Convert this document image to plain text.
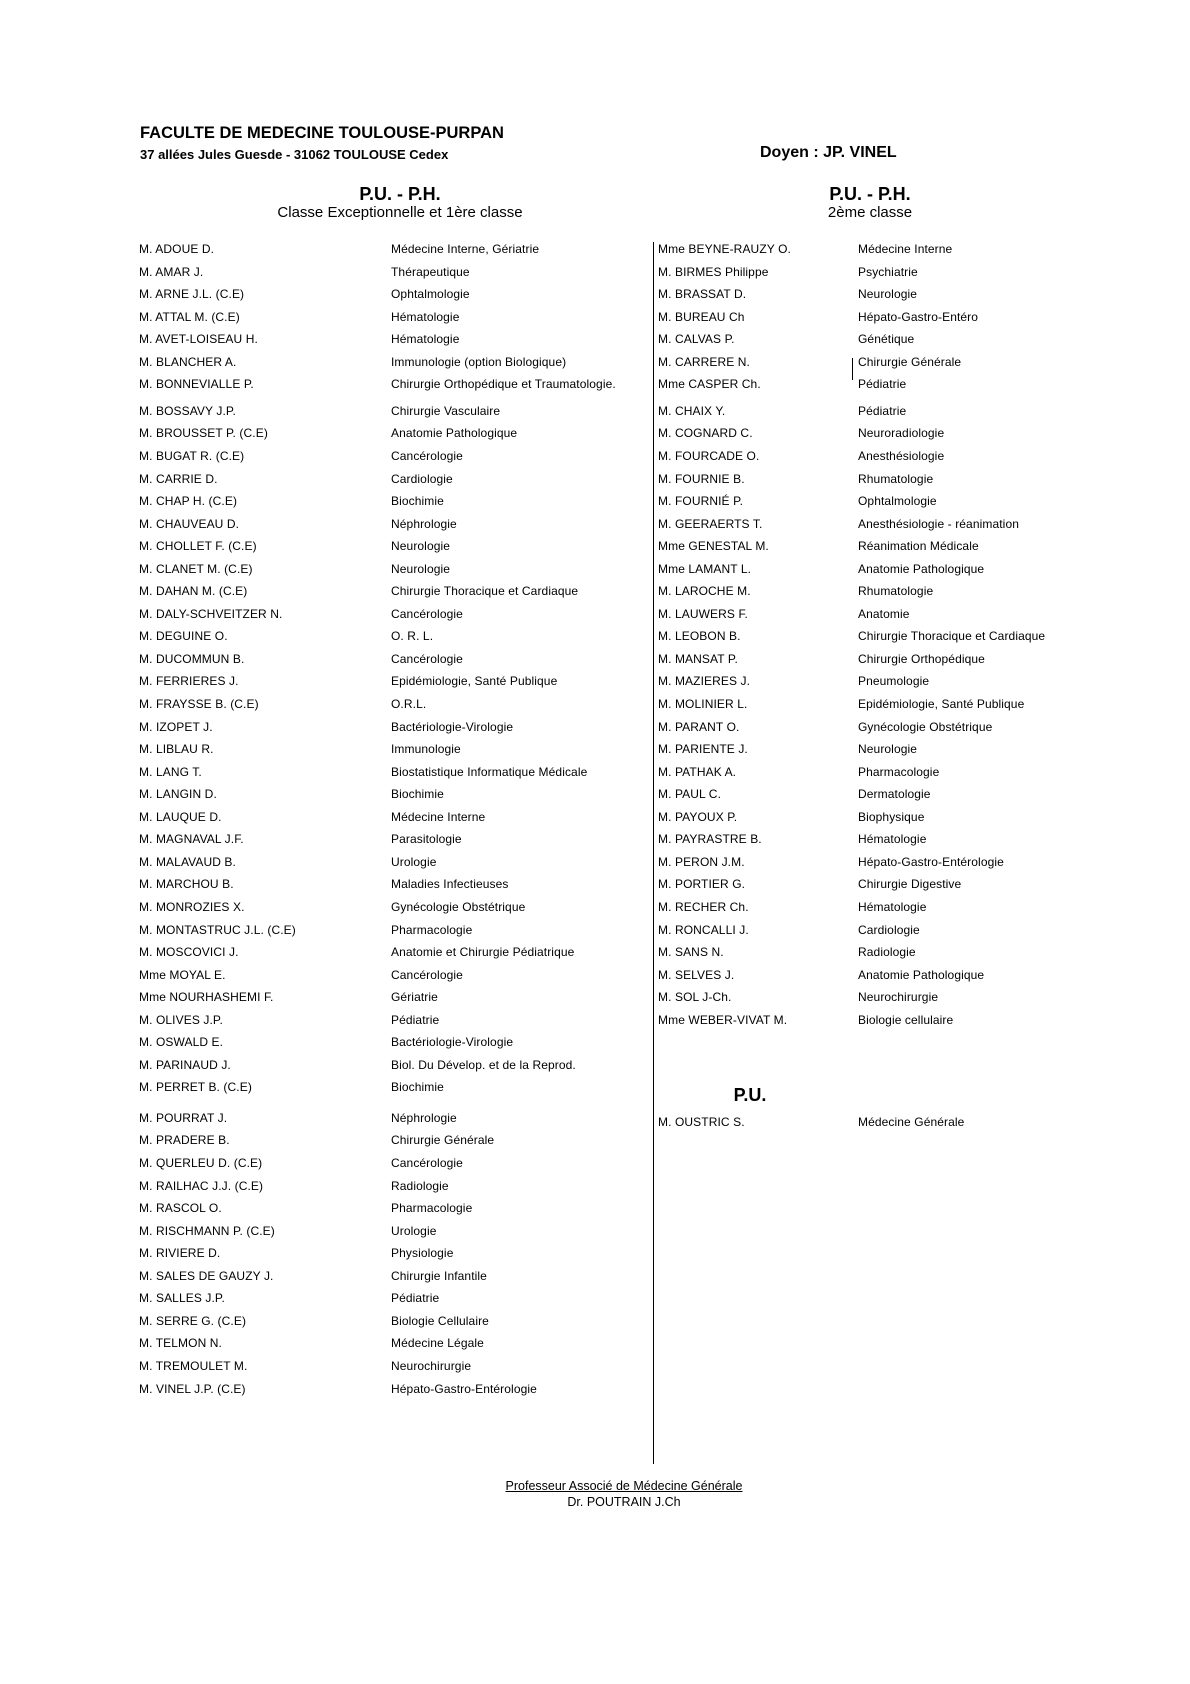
FACULTE DE MEDECINE TOULOUSE-PURPAN
37 allées Jules Guesde - 31062 TOULOUSE Cedex	Doyen : JP. VINEL
P.U. - P.H.
Classe Exceptionnelle et 1ère classe
P.U. - P.H.
2ème classe
P.U.
M. ADOUE D.	Médecine Interne, Gériatrie
M. AMAR J.	Thérapeutique
M. ARNE J.L. (C.E)	Ophtalmologie
M. ATTAL M. (C.E)	Hématologie
M. AVET-LOISEAU H.	Hématologie
M. BLANCHER A.	Immunologie (option Biologique)
M. BONNEVIALLE P.	Chirurgie Orthopédique et Traumatologie.
M. BOSSAVY J.P.	Chirurgie Vasculaire
M. BROUSSET P. (C.E)	Anatomie Pathologique
M. BUGAT R. (C.E)	Cancérologie
M. CARRIE D.	Cardiologie
M. CHAP H. (C.E)	Biochimie
M. CHAUVEAU D.	Néphrologie
M. CHOLLET F. (C.E)	Neurologie
M. CLANET M. (C.E)	Neurologie
M. DAHAN M. (C.E)	Chirurgie Thoracique et Cardiaque
M. DALY-SCHVEITZER N.	Cancérologie
M. DEGUINE O.	O. R. L.
M. DUCOMMUN B.	Cancérologie
M. FERRIERES J.	Epidémiologie, Santé Publique
M. FRAYSSE B. (C.E)	O.R.L.
M. IZOPET J.	Bactériologie-Virologie
M. LIBLAU R.	Immunologie
M. LANG T.	Biostatistique Informatique Médicale
M. LANGIN D.	Biochimie
M. LAUQUE D.	Médecine Interne
M. MAGNAVAL J.F.	Parasitologie
M. MALAVAUD B.	Urologie
M. MARCHOU B.	Maladies Infectieuses
M. MONROZIES X.	Gynécologie Obstétrique
M. MONTASTRUC J.L. (C.E)	Pharmacologie
M. MOSCOVICI J.	Anatomie et Chirurgie Pédiatrique
Mme MOYAL E.	Cancérologie
Mme NOURHASHEMI F.	Gériatrie
M. OLIVES J.P.	Pédiatrie
M. OSWALD E.	Bactériologie-Virologie
M. PARINAUD J.	Biol. Du Dévelop. et de la Reprod.
M. PERRET B. (C.E)	Biochimie
M. POURRAT J.	Néphrologie
M. PRADERE B.	Chirurgie Générale
M. QUERLEU D. (C.E)	Cancérologie
M. RAILHAC J.J. (C.E)	Radiologie
M. RASCOL O.	Pharmacologie
M. RISCHMANN P. (C.E)	Urologie
M. RIVIERE D.	Physiologie
M. SALES DE GAUZY J.	Chirurgie Infantile
M. SALLES J.P.	Pédiatrie
M. SERRE G. (C.E)	Biologie Cellulaire
M. TELMON N.	Médecine Légale
M. TREMOULET M.	Neurochirurgie
M. VINEL J.P. (C.E)	Hépato-Gastro-Entérologie
Mme BEYNE-RAUZY O.	Médecine Interne
M. BIRMES Philippe	Psychiatrie
M. BRASSAT D.	Neurologie
M. BUREAU Ch	Hépato-Gastro-Entéro
M. CALVAS P.	Génétique
M. CARRERE N.	Chirurgie Générale
Mme CASPER Ch.	Pédiatrie
M. CHAIX Y.	Pédiatrie
M. COGNARD C.	Neuroradiologie
M. FOURCADE O.	Anesthésiologie
M. FOURNIE B.	Rhumatologie
M. FOURNIÉ P.	Ophtalmologie
M. GEERAERTS T.	Anesthésiologie - réanimation
Mme GENESTAL M.	Réanimation Médicale
Mme LAMANT L.	Anatomie Pathologique
M. LAROCHE M.	Rhumatologie
M. LAUWERS F.	Anatomie
M. LEOBON B.	Chirurgie Thoracique et Cardiaque
M. MANSAT P.	Chirurgie Orthopédique
M. MAZIERES J.	Pneumologie
M. MOLINIER L.	Epidémiologie, Santé Publique
M. PARANT O.	Gynécologie Obstétrique
M. PARIENTE J.	Neurologie
M. PATHAK A.	Pharmacologie
M. PAUL C.	Dermatologie
M. PAYOUX P.	Biophysique
M. PAYRASTRE B.	Hématologie
M. PERON J.M.	Hépato-Gastro-Entérologie
M. PORTIER G.	Chirurgie Digestive
M. RECHER Ch.	Hématologie
M. RONCALLI J.	Cardiologie
M. SANS N.	Radiologie
M. SELVES J.	Anatomie Pathologique
M. SOL J-Ch.	Neurochirurgie
Mme WEBER-VIVAT M.	Biologie cellulaire
M. OUSTRIC S.	Médecine Générale
Professeur Associé de Médecine Générale
Dr. POUTRAIN J.Ch
